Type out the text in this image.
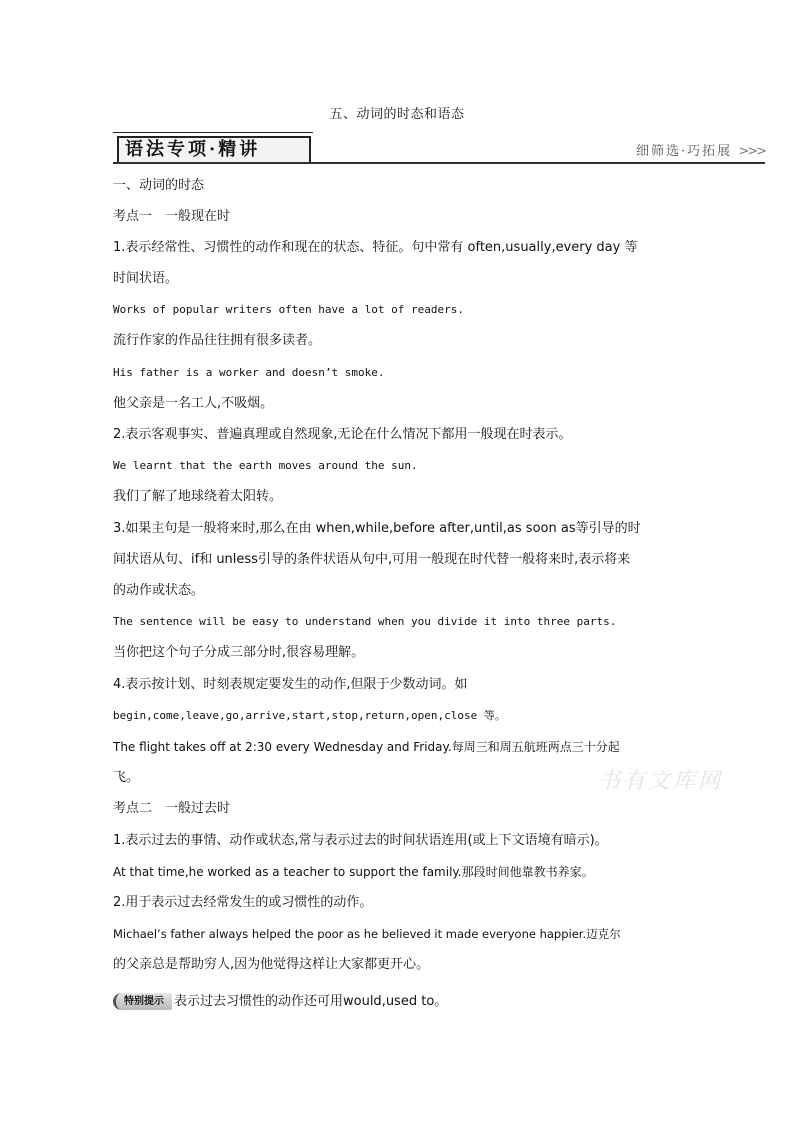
五、动词的时态和语态
语法专项·精讲	细筛选·巧拓展 >>>
一、动词的时态
考点一　一般现在时
1.表示经常性、习惯性的动作和现在的状态、特征。句中常有 often,usually,every day 等
时间状语。
Works of popular writers often have a lot of readers.
流行作家的作品往往拥有很多读者。
His father is a worker and doesn’t smoke.
他父亲是一名工人,不吸烟。
2.表示客观事实、普遍真理或自然现象,无论在什么情况下都用一般现在时表示。
We learnt that the earth moves around the sun.
我们了解了地球绕着太阳转。
3.如果主句是一般将来时,那么在由 when,while,before after,until,as soon as等引导的时
间状语从句、if和 unless引导的条件状语从句中,可用一般现在时代替一般将来时,表示将来
的动作或状态。
The sentence will be easy to understand when you divide it into three parts.
当你把这个句子分成三部分时,很容易理解。
4.表示按计划、时刻表规定要发生的动作,但限于少数动词。如
begin,come,leave,go,arrive,start,stop,return,open,close 等。
The flight takes off at 2:30 every Wednesday and Friday.每周三和周五航班两点三十分起
飞。
考点二　一般过去时
1.表示过去的事情、动作或状态,常与表示过去的时间状语连用(或上下文语境有暗示)。
At that time,he worked as a teacher to support the family.那段时间他靠教书养家。
2.用于表示过去经常发生的或习惯性的动作。
Michael’s father always helped the poor as he believed it made everyone happier.迈克尔
的父亲总是帮助穷人,因为他觉得这样让大家都更开心。
特别提示 表示过去习惯性的动作还可用would,used to。
书有文库网
